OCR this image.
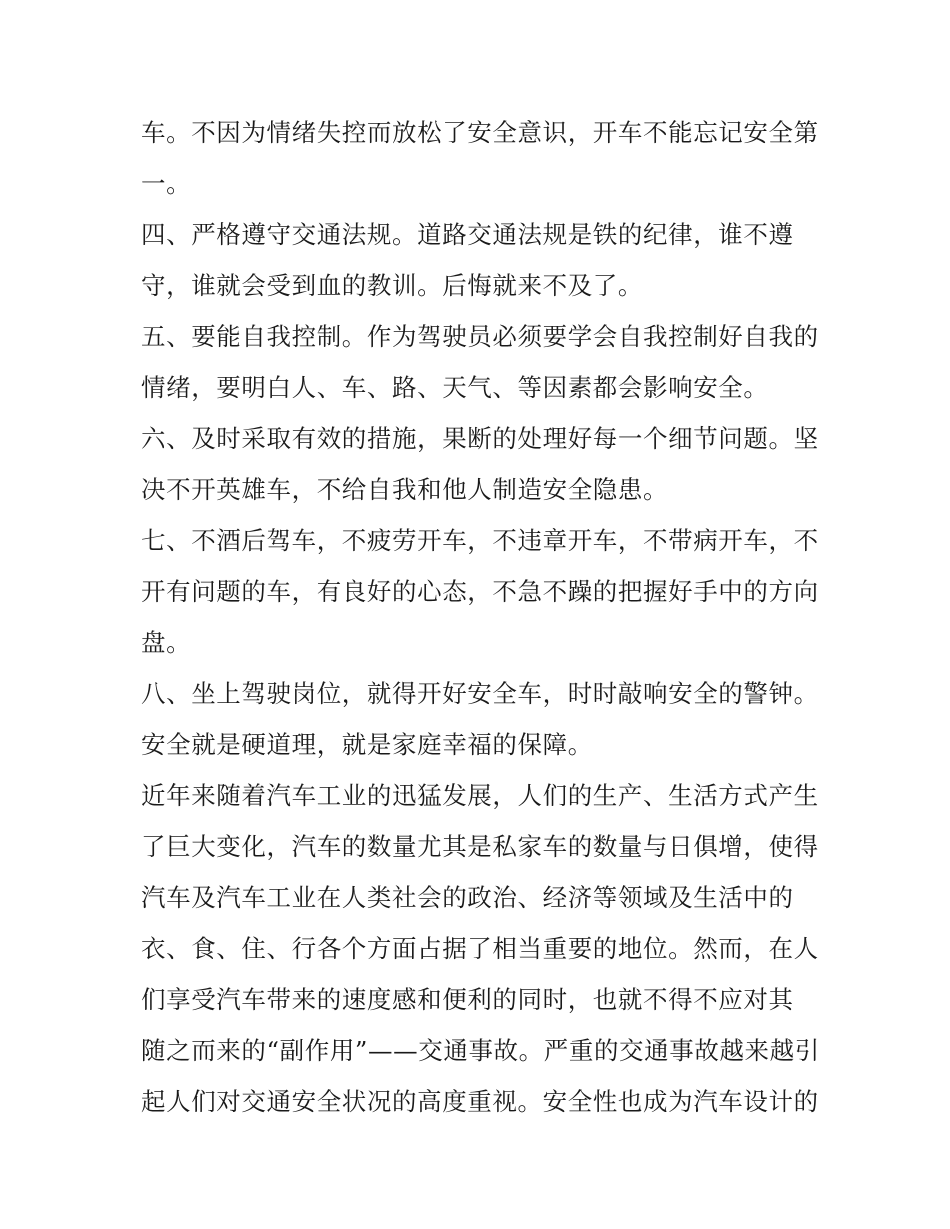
车。不因为情绪失控而放松了安全意识，开车不能忘记安全第
一。
四、严格遵守交通法规。道路交通法规是铁的纪律，谁不遵
守，谁就会受到血的教训。后悔就来不及了。
五、要能自我控制。作为驾驶员必须要学会自我控制好自我的
情绪，要明白人、车、路、天气、等因素都会影响安全。
六、及时采取有效的措施，果断的处理好每一个细节问题。坚
决不开英雄车，不给自我和他人制造安全隐患。
七、不酒后驾车，不疲劳开车，不违章开车，不带病开车，不
开有问题的车，有良好的心态，不急不躁的把握好手中的方向
盘。
八、坐上驾驶岗位，就得开好安全车，时时敲响安全的警钟。
安全就是硬道理，就是家庭幸福的保障。
近年来随着汽车工业的迅猛发展，人们的生产、生活方式产生
了巨大变化，汽车的数量尤其是私家车的数量与日俱增，使得
汽车及汽车工业在人类社会的政治、经济等领域及生活中的
衣、食、住、行各个方面占据了相当重要的地位。然而，在人
们享受汽车带来的速度感和便利的同时，也就不得不应对其
随之而来的“副作用”——交通事故。严重的交通事故越来越引
起人们对交通安全状况的高度重视。安全性也成为汽车设计的
